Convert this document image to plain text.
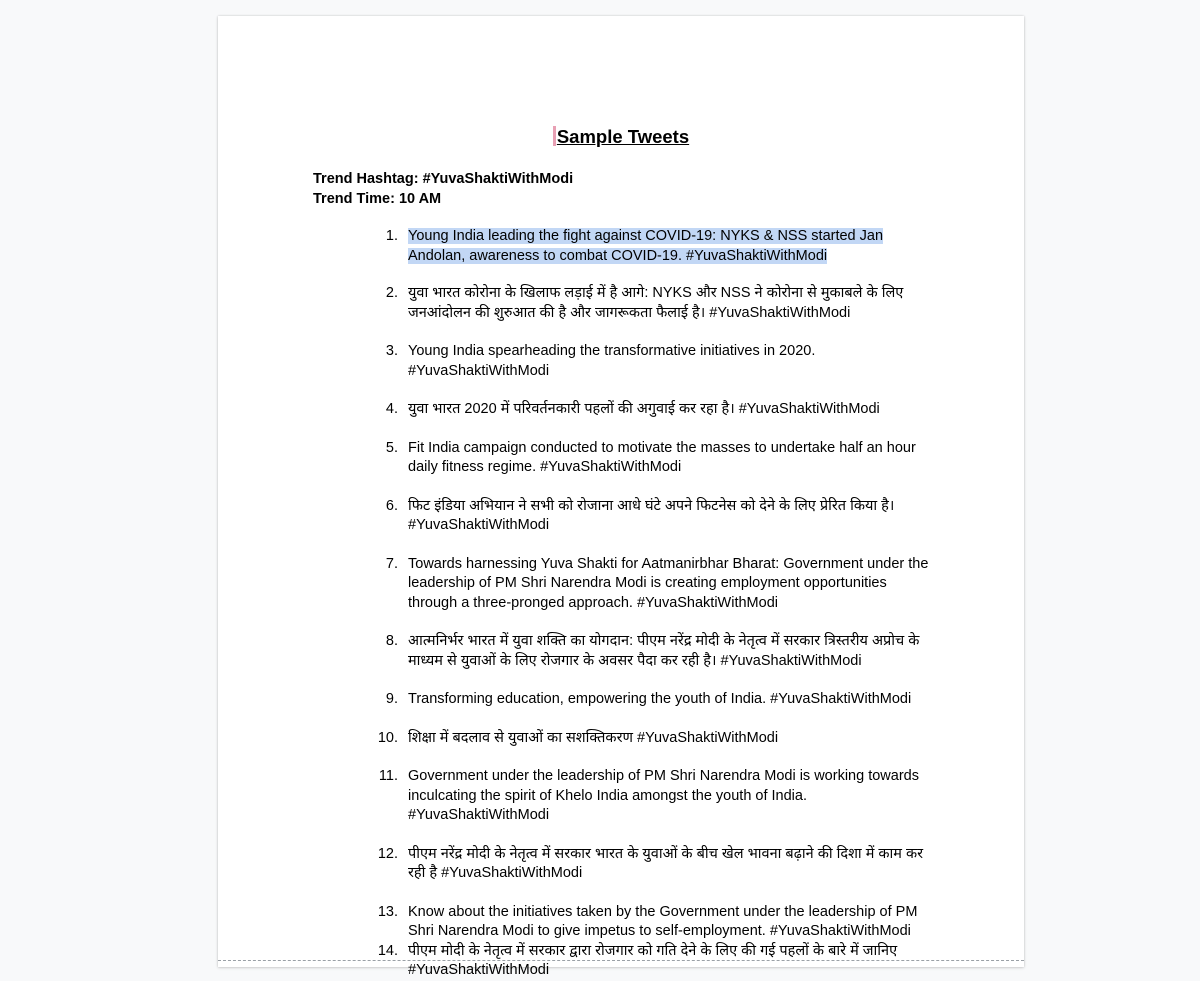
Sample Tweets
Trend Hashtag: #YuvaShaktiWithModi
Trend Time: 10 AM
1. Young India leading the fight against COVID-19: NYKS & NSS started Jan Andolan, awareness to combat COVID-19. #YuvaShaktiWithModi
2. युवा भारत कोरोना के खिलाफ लड़ाई में है आगे: NYKS और NSS ने कोरोना से मुकाबले के लिए जनआंदोलन की शुरुआत की है और जागरूकता फैलाई है। #YuvaShaktiWithModi
3. Young India spearheading the transformative initiatives in 2020. #YuvaShaktiWithModi
4. युवा भारत 2020 में परिवर्तनकारी पहलों की अगुवाई कर रहा है। #YuvaShaktiWithModi
5. Fit India campaign conducted to motivate the masses to undertake half an hour daily fitness regime. #YuvaShaktiWithModi
6. फिट इंडिया अभियान ने सभी को रोजाना आधे घंटे अपने फिटनेस को देने के लिए प्रेरित किया है। #YuvaShaktiWithModi
7. Towards harnessing Yuva Shakti for Aatmanirbhar Bharat: Government under the leadership of PM Shri Narendra Modi is creating employment opportunities through a three-pronged approach. #YuvaShaktiWithModi
8. आत्मनिर्भर भारत में युवा शक्ति का योगदान: पीएम नरेंद्र मोदी के नेतृत्व में सरकार त्रिस्तरीय अप्रोच के माध्यम से युवाओं के लिए रोजगार के अवसर पैदा कर रही है। #YuvaShaktiWithModi
9. Transforming education, empowering the youth of India. #YuvaShaktiWithModi
10. शिक्षा में बदलाव से युवाओं का सशक्तिकरण #YuvaShaktiWithModi
11. Government under the leadership of PM Shri Narendra Modi is working towards inculcating the spirit of Khelo India amongst the youth of India. #YuvaShaktiWithModi
12. पीएम नरेंद्र मोदी के नेतृत्व में सरकार भारत के युवाओं के बीच खेल भावना बढ़ाने की दिशा में काम कर रही है #YuvaShaktiWithModi
13. Know about the initiatives taken by the Government under the leadership of PM Shri Narendra Modi to give impetus to self-employment. #YuvaShaktiWithModi
14. पीएम मोदी के नेतृत्व में सरकार द्वारा रोजगार को गति देने के लिए की गई पहलों के बारे में जानिए #YuvaShaktiWithModi
